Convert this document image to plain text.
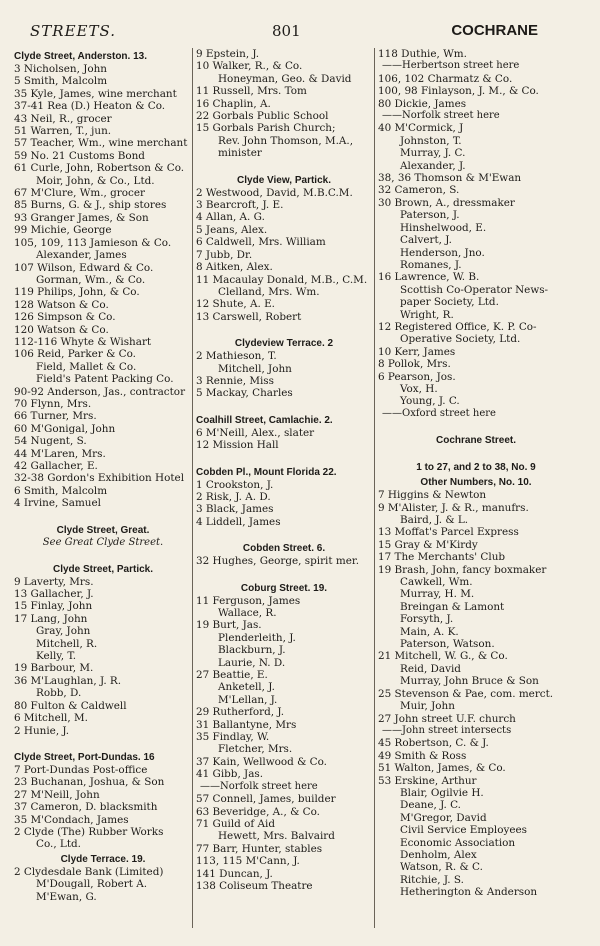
STREETS.	801	COCHRANE
Clyde Street, Anderston. 13.
3 Nicholsen, John
5 Smith, Malcolm
35 Kyle, James, wine merchant
37-41 Rea (D.) Heaton & Co.
43 Neil, R., grocer
51 Warren, T., jun.
57 Teacher, Wm., wine merchant
59 No. 21 Customs Bond
61 Curle, John, Robertson & Co.
Moir, John, & Co., Ltd.
67 M'Clure, Wm., grocer
85 Burns, G. & J., ship stores
93 Granger James, & Son
99 Michie, George
105, 109, 113 Jamieson & Co.
Alexander, James
107 Wilson, Edward & Co.
Gorman, Wm., & Co.
119 Philips, John, & Co.
128 Watson & Co.
126 Simpson & Co.
120 Watson & Co.
112-116 Whyte & Wishart
106 Reid, Parker & Co.
Field, Mallet & Co.
Field's Patent Packing Co.
90-92 Anderson, Jas., contractor
70 Flynn, Mrs.
66 Turner, Mrs.
60 M'Gonigal, John
54 Nugent, S.
44 M'Laren, Mrs.
42 Gallacher, E.
32-38 Gordon's Exhibition Hotel
6 Smith, Malcolm
4 Irvine, Samuel
Clyde Street, Great.
See Great Clyde Street.
Clyde Street, Partick.
9 Laverty, Mrs.
13 Gallacher, J.
15 Finlay, John
17 Lang, John
Gray, John
Mitchell, R.
Kelly, T.
19 Barbour, M.
36 M'Laughlan, J. R.
Robb, D.
80 Fulton & Caldwell
6 Mitchell, M.
2 Hunie, J.
Clyde Street, Port-Dundas. 16
7 Port-Dundas Post-office
23 Buchanan, Joshua, & Son
27 M'Neill, John
37 Cameron, D. blacksmith
35 M'Condach, James
2 Clyde (The) Rubber Works
Co., Ltd.
Clyde Terrace. 19.
2 Clydesdale Bank (Limited)
M'Dougall, Robert A.
M'Ewan, G.
9 Epstein, J.
10 Walker, R., & Co.
Honeyman, Geo. & David
11 Russell, Mrs. Tom
16 Chaplin, A.
22 Gorbals Public School
15 Gorbals Parish Church;
Rev. John Thomson, M.A.,
minister
Clyde View, Partick.
2 Westwood, David, M.B.C.M.
3 Bearcroft, J. E.
4 Allan, A. G.
5 Jeans, Alex.
6 Caldwell, Mrs. William
7 Jubb, Dr.
8 Aitken, Alex.
11 Macaulay Donald, M.B., C.M.
Clelland, Mrs. Wm.
12 Shute, A. E.
13 Carswell, Robert
Clydeview Terrace. 2
2 Mathieson, T.
Mitchell, John
3 Rennie, Miss
5 Mackay, Charles
Coalhill Street, Camlachie. 2.
6 M'Neill, Alex., slater
12 Mission Hall
Cobden Pl., Mount Florida 22.
1 Crookston, J.
2 Risk, J. A. D.
3 Black, James
4 Liddell, James
Cobden Street. 6.
32 Hughes, George, spirit mer.
Coburg Street. 19.
11 Ferguson, James
Wallace, R.
19 Burt, Jas.
Plenderleith, J.
Blackburn, J.
Laurie, N. D.
27 Beattie, E.
Anketell, J.
M'Lellan, J.
29 Rutherford, J.
31 Ballantyne, Mrs
35 Findlay, W.
Fletcher, Mrs.
37 Kain, Wellwood & Co.
41 Gibb, Jas.
——Norfolk street here
57 Connell, James, builder
63 Beveridge, A., & Co.
71 Guild of Aid
Hewett, Mrs. Balvaird
77 Barr, Hunter, stables
113, 115 M'Cann, J.
141 Duncan, J.
138 Coliseum Theatre
118 Duthie, Wm.
——Herbertson street here
106, 102 Charmatz & Co.
100, 98 Finlayson, J. M., & Co.
80 Dickie, James
——Norfolk street here
40 M'Cormick, J
Johnston, T.
Murray, J. C.
Alexander, J.
38, 36 Thomson & M'Ewan
32 Cameron, S.
30 Brown, A., dressmaker
Paterson, J.
Hinshelwood, E.
Calvert, J.
Henderson, Jno.
Romanes, J.
16 Lawrence, W. B.
Scottish Co-Operator News-
paper Society, Ltd.
Wright, R.
12 Registered Office, K. P. Co-
Operative Society, Ltd.
10 Kerr, James
8 Pollok, Mrs.
6 Pearson, Jos.
Vox, H.
Young, J. C.
——Oxford street here
Cochrane Street.
1 to 27, and 2 to 38, No. 9
Other Numbers, No. 10.
7 Higgins & Newton
9 M'Alister, J. & R., manufrs.
Baird, J. & L.
13 Moffat's Parcel Express
15 Gray & M'Kirdy
17 The Merchants' Club
19 Brash, John, fancy boxmaker
Cawkell, Wm.
Murray, H. M.
Breingan & Lamont
Forsyth, J.
Main, A. K.
Paterson, Watson.
21 Mitchell, W. G., & Co.
Reid, David
Murray, John Bruce & Son
25 Stevenson & Pae, com. merct.
Muir, John
27 John street U.F. church
——John street intersects
45 Robertson, C. & J.
49 Smith & Ross
51 Walton, James, & Co.
53 Erskine, Arthur
Blair, Ogilvie H.
Deane, J. C.
M'Gregor, David
Civil Service Employees
Economic Association
Denholm, Alex
Watson, R. & C.
Ritchie, J. S.
Hetherington & Anderson
